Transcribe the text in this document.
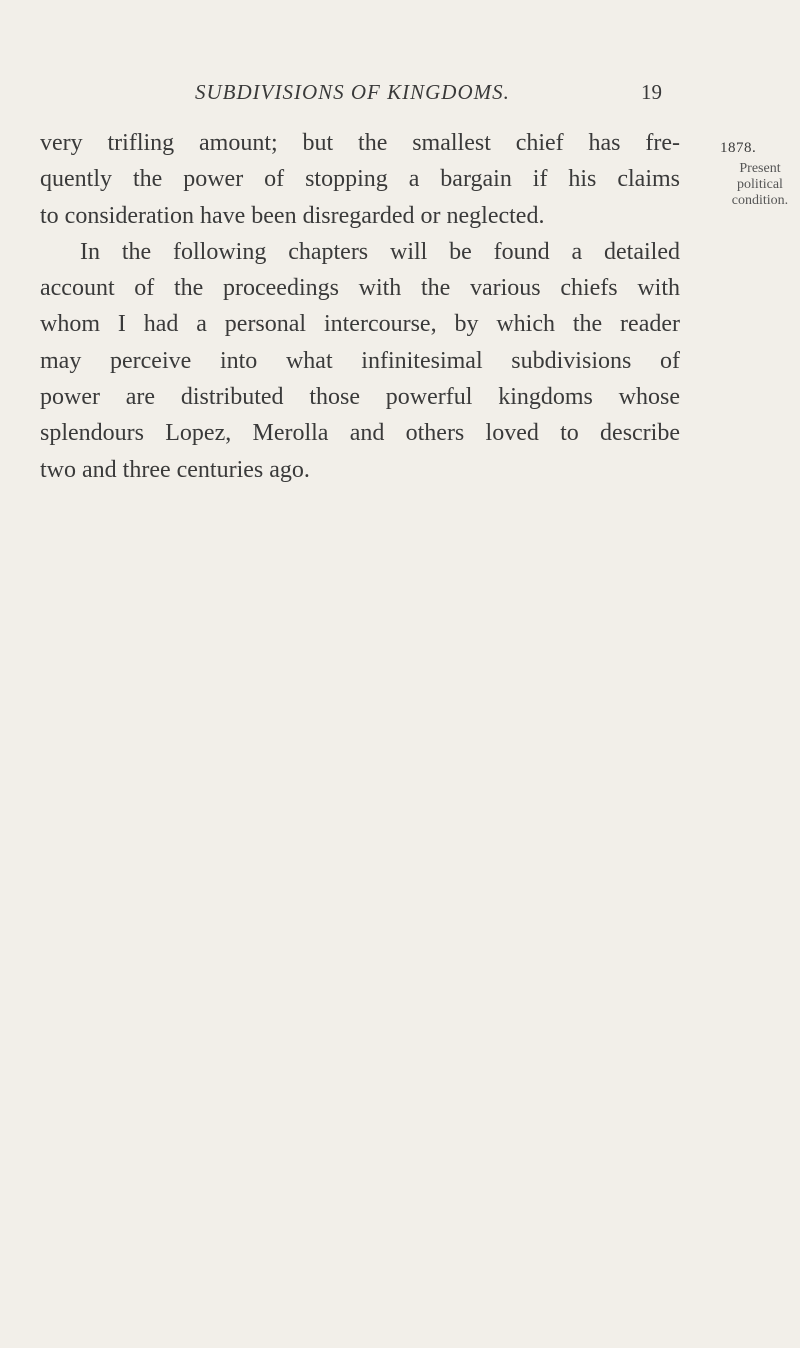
SUBDIVISIONS OF KINGDOMS.	19
very trifling amount; but the smallest chief has fre-
quently the power of stopping a bargain if his claims
to consideration have been disregarded or neglected.
In the following chapters will be found a detailed
account of the proceedings with the various chiefs with
whom I had a personal intercourse, by which the reader
may perceive into what infinitesimal subdivisions of
power are distributed those powerful kingdoms whose
splendours Lopez, Merolla and others loved to describe
two and three centuries ago.
1878.
Present
political
condition.
